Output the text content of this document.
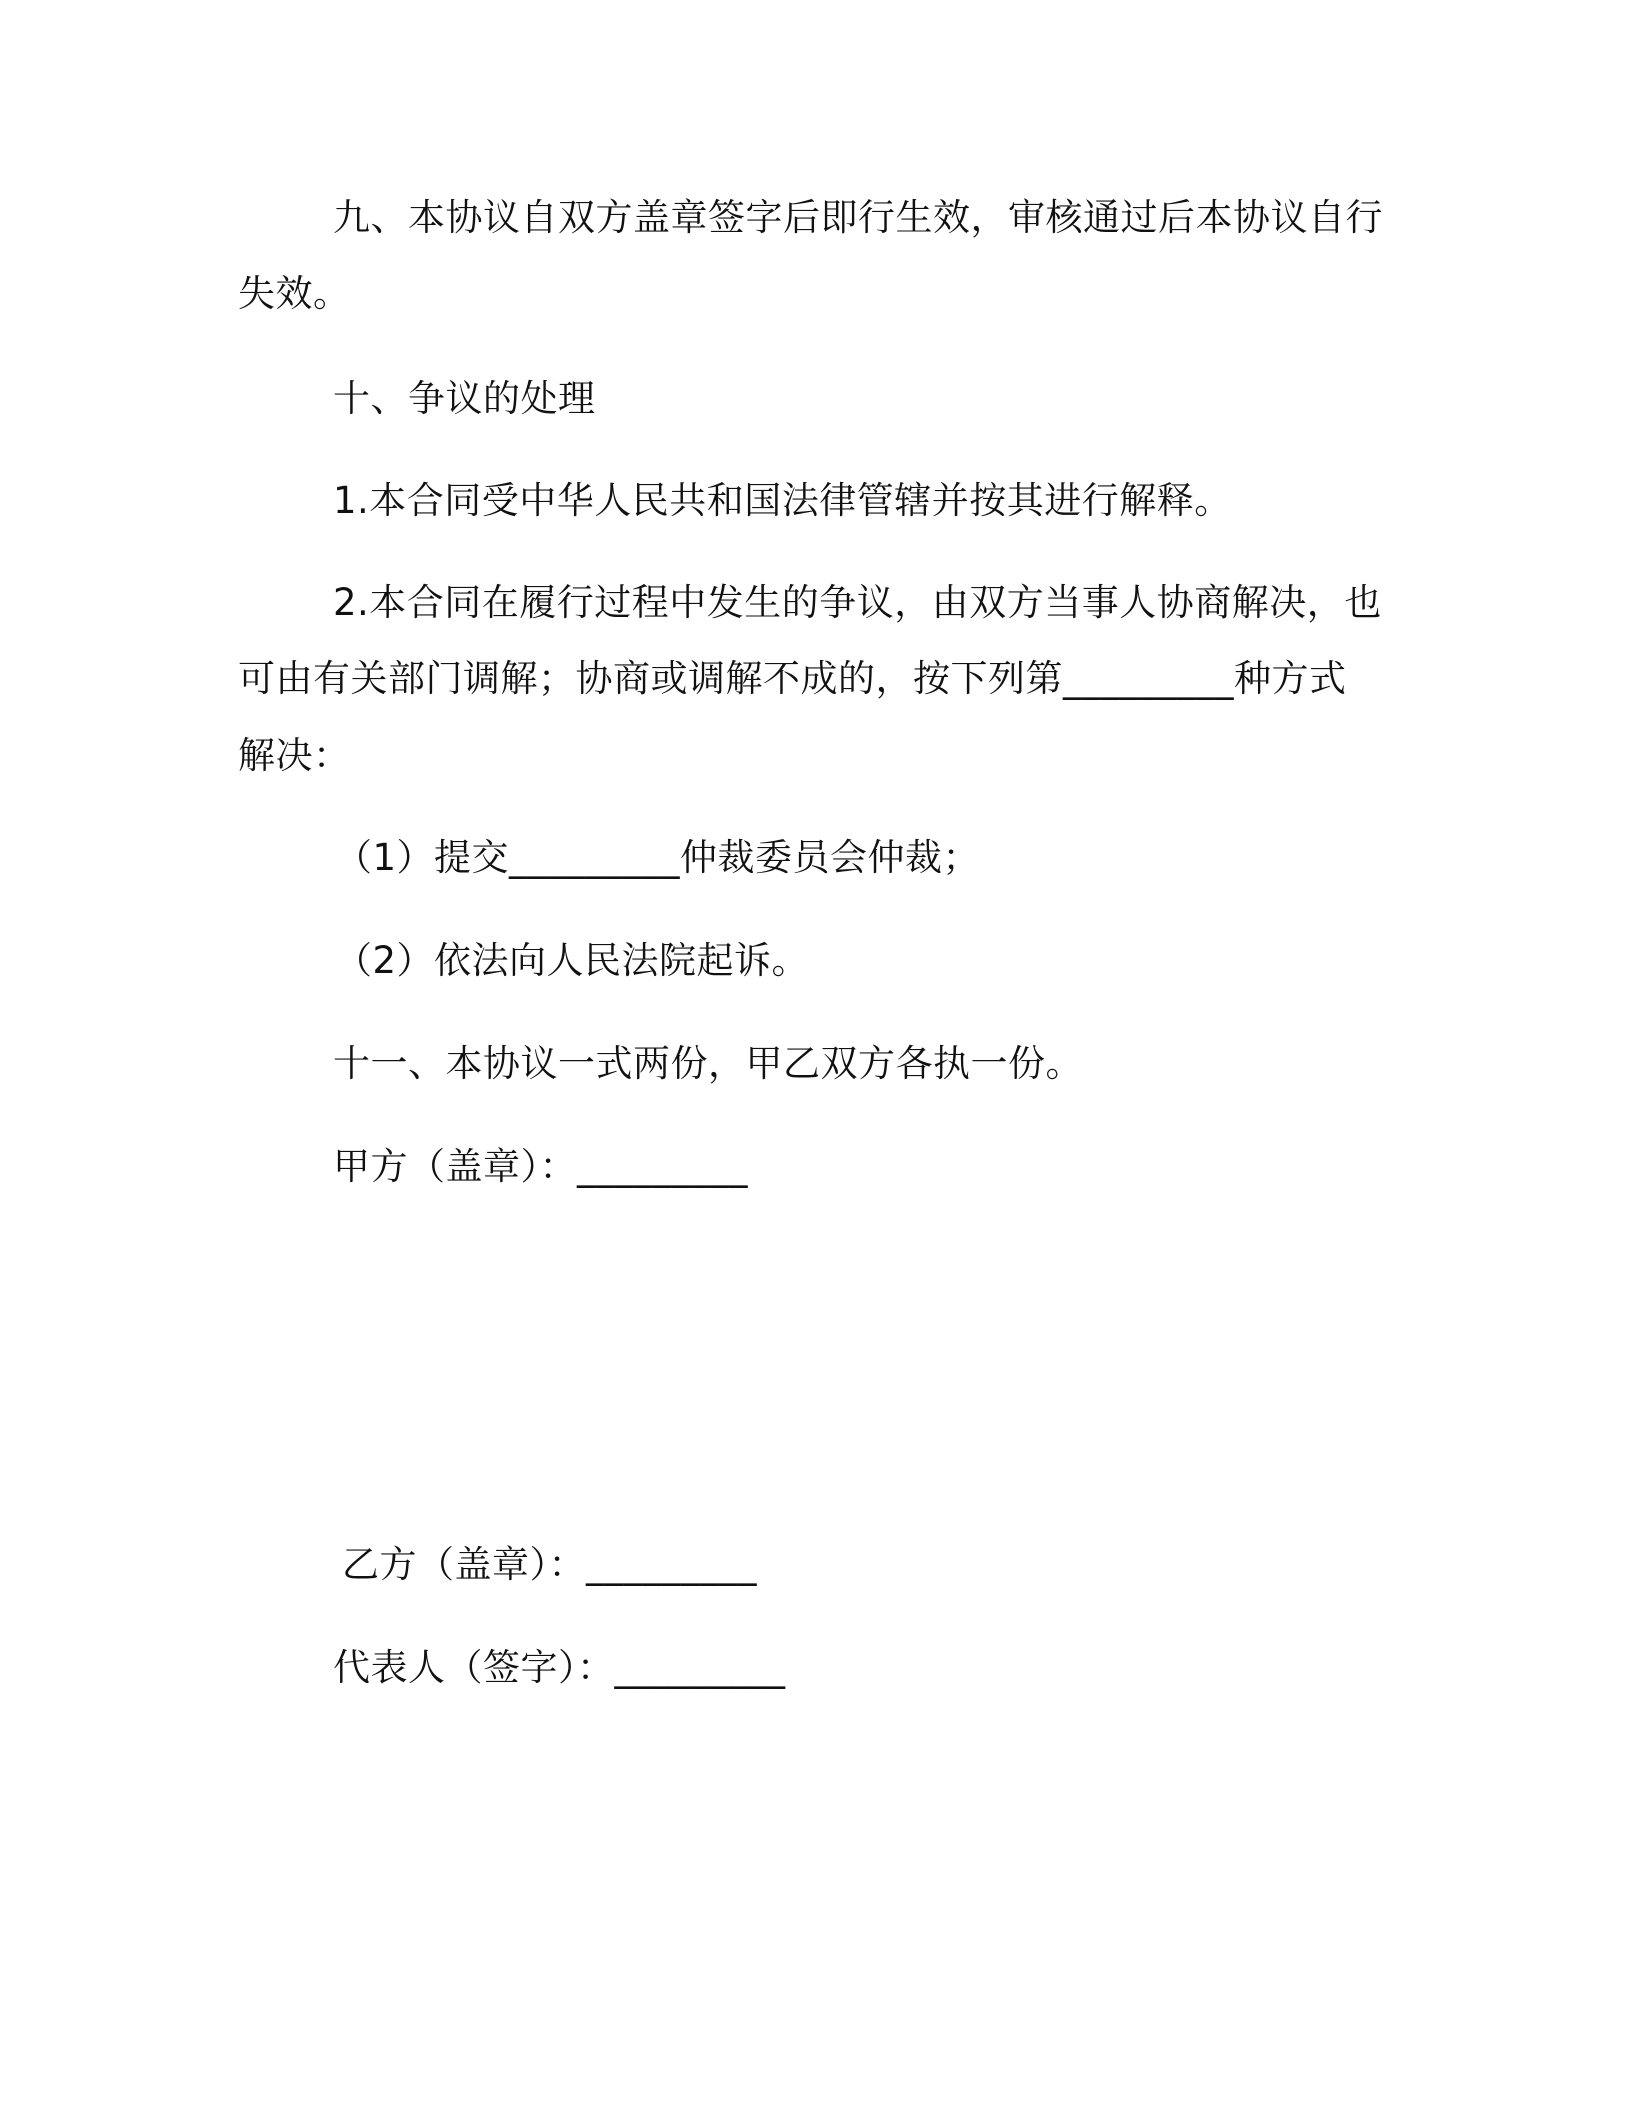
九、本协议自双方盖章签字后即行生效，审核通过后本协议自行
失效。
十、争议的处理
1.本合同受中华人民共和国法律管辖并按其进行解释。
2.本合同在履行过程中发生的争议，由双方当事人协商解决，也
可由有关部门调解；协商或调解不成的，按下列第_________种方式
解决：
（1）提交_________仲裁委员会仲裁；
（2）依法向人民法院起诉。
十一、本协议一式两份，甲乙双方各执一份。
甲方（盖章）：_________
乙方（盖章）：_________
代表人（签字）：_________
